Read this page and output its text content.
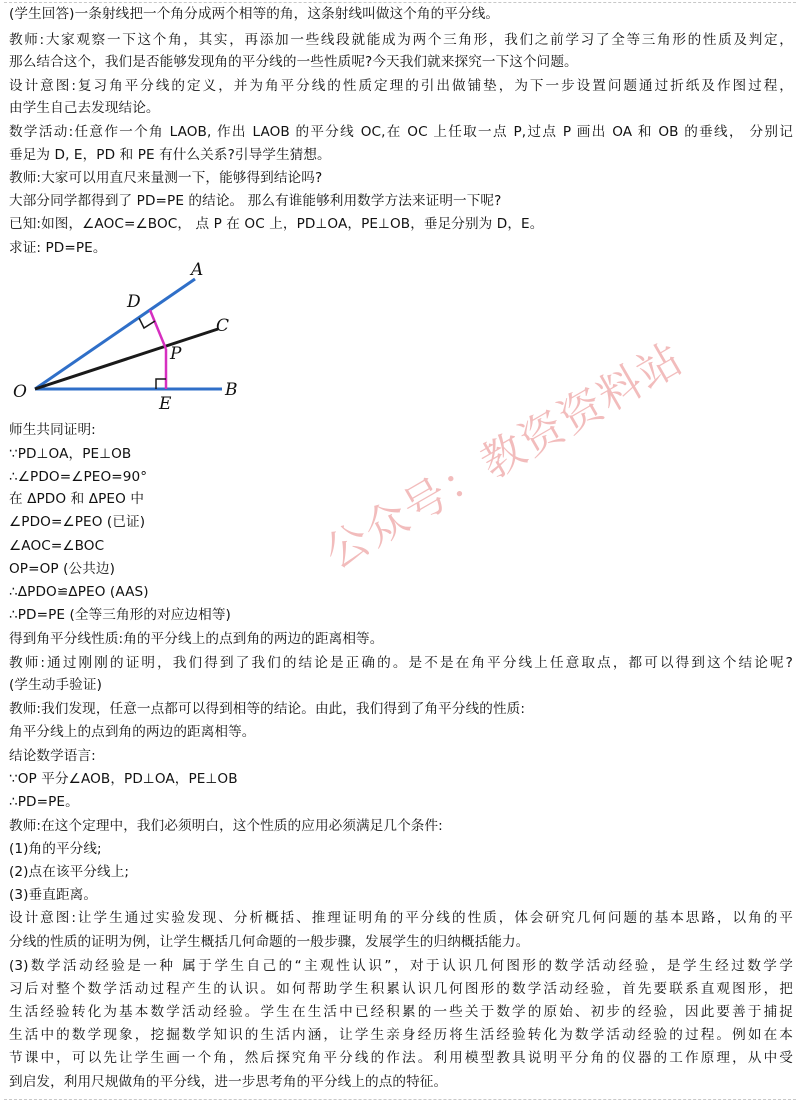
(学生回答)一条射线把一个角分成两个相等的角，这条射线叫做这个角的平分线。
教师:大家观察一下这个角，其实，再添加一些线段就能成为两个三角形，我们之前学习了全等三角形的性质及判定，
那么结合这个，我们是否能够发现角的平分线的一些性质呢?今天我们就来探究一下这个问题。
设计意图:复习角平分线的定义，并为角平分线的性质定理的引出做铺垫，为下一步设置问题通过折纸及作图过程，
由学生自己去发现结论。
数学活动:任意作一个角 LAOB, 作出 LAOB 的平分线 OC,在 OC 上任取一点 P,过点 P 画出 OA 和 OB 的垂线， 分别记
垂足为 D, E，PD 和 PE 有什么关系?引导学生猜想。
教师:大家可以用直尺来量测一下，能够得到结论吗?
大部分同学都得到了 PD=PE 的结论。 那么有谁能够利用数学方法来证明一下呢?
已知:如图，∠AOC=∠BOC， 点 P 在 OC 上，PD⊥OA，PE⊥OB，垂足分别为 D，E。
求证: PD=PE。
A
B
C
D
E
O
P
师生共同证明:
∵PD⊥OA，PE⊥OB
∴∠PDO=∠PEO=90°
在 ΔPDO 和 ΔPEO 中
∠PDO=∠PEO (已证)
∠AOC=∠BOC
OP=OP (公共边)
∴ΔPDO≌ΔPEO (AAS)
∴PD=PE (全等三角形的对应边相等)
得到角平分线性质:角的平分线上的点到角的两边的距离相等。
教师:通过刚刚的证明，我们得到了我们的结论是正确的。是不是在角平分线上任意取点，都可以得到这个结论呢?
(学生动手验证)
教师:我们发现，任意一点都可以得到相等的结论。由此，我们得到了角平分线的性质:
角平分线上的点到角的两边的距离相等。
结论数学语言:
∵OP 平分∠AOB，PD⊥OA，PE⊥OB
∴PD=PE。
教师:在这个定理中，我们必须明白，这个性质的应用必须满足几个条件:
(1)角的平分线;
(2)点在该平分线上;
(3)垂直距离。
设计意图:让学生通过实验发现、分析概括、推理证明角的平分线的性质，体会研究几何问题的基本思路，以角的平
分线的性质的证明为例，让学生概括几何命题的一般步骤，发展学生的归纳概括能力。
(3)数学活动经验是一种 属于学生自己的“主观性认识”，对于认识几何图形的数学活动经验，是学生经过数学学
习后对整个数学活动过程产生的认识。如何帮助学生积累认识几何图形的数学活动经验，首先要联系直观图形，把
生活经验转化为基本数学活动经验。学生在生活中已经积累的一些关于数学的原始、初步的经验，因此要善于捕捉
生活中的数学现象，挖掘数学知识的生活内涵，让学生亲身经历将生活经验转化为数学活动经验的过程。例如在本
节课中，可以先让学生画一个角，然后探究角平分线的作法。利用模型教具说明平分角的仪器的工作原理，从中受
到启发，利用尺规做角的平分线，进一步思考角的平分线上的点的特征。
公众号：教资资料站
